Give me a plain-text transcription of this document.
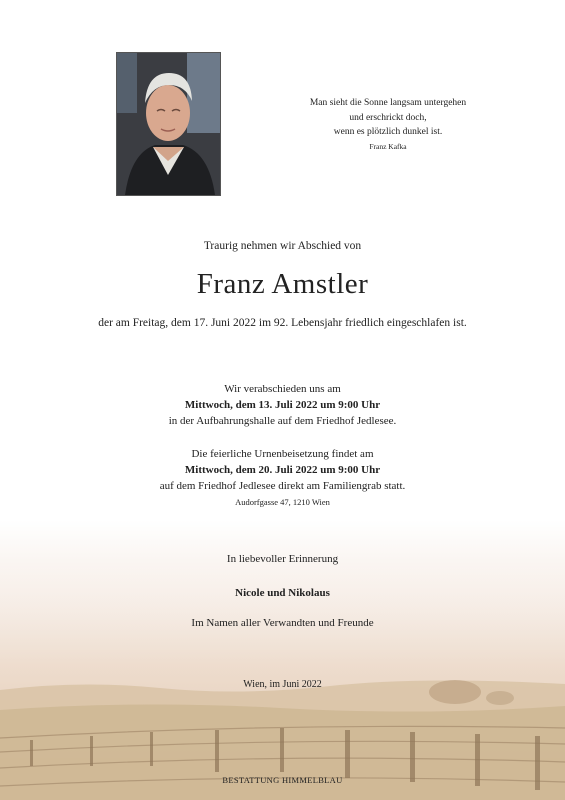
Man sieht die Sonne langsam untergehen
und erschrickt doch,
wenn es plötzlich dunkel ist.
Franz Kafka
Traurig nehmen wir Abschied von
Franz Amstler
der am Freitag, dem 17. Juni 2022 im 92. Lebensjahr friedlich eingeschlafen ist.
Wir verabschieden uns am
Mittwoch, dem 13. Juli 2022 um 9:00 Uhr
in der Aufbahrungshalle auf dem Friedhof Jedlesee.
Die feierliche Urnenbeisetzung findet am
Mittwoch, dem 20. Juli 2022 um 9:00 Uhr
auf dem Friedhof Jedlesee direkt am Familiengrab statt.
Audorfgasse 47, 1210 Wien
In liebevoller Erinnerung
Nicole und Nikolaus
Im Namen aller Verwandten und Freunde
Wien, im Juni 2022
BESTATTUNG HIMMELBLAU
